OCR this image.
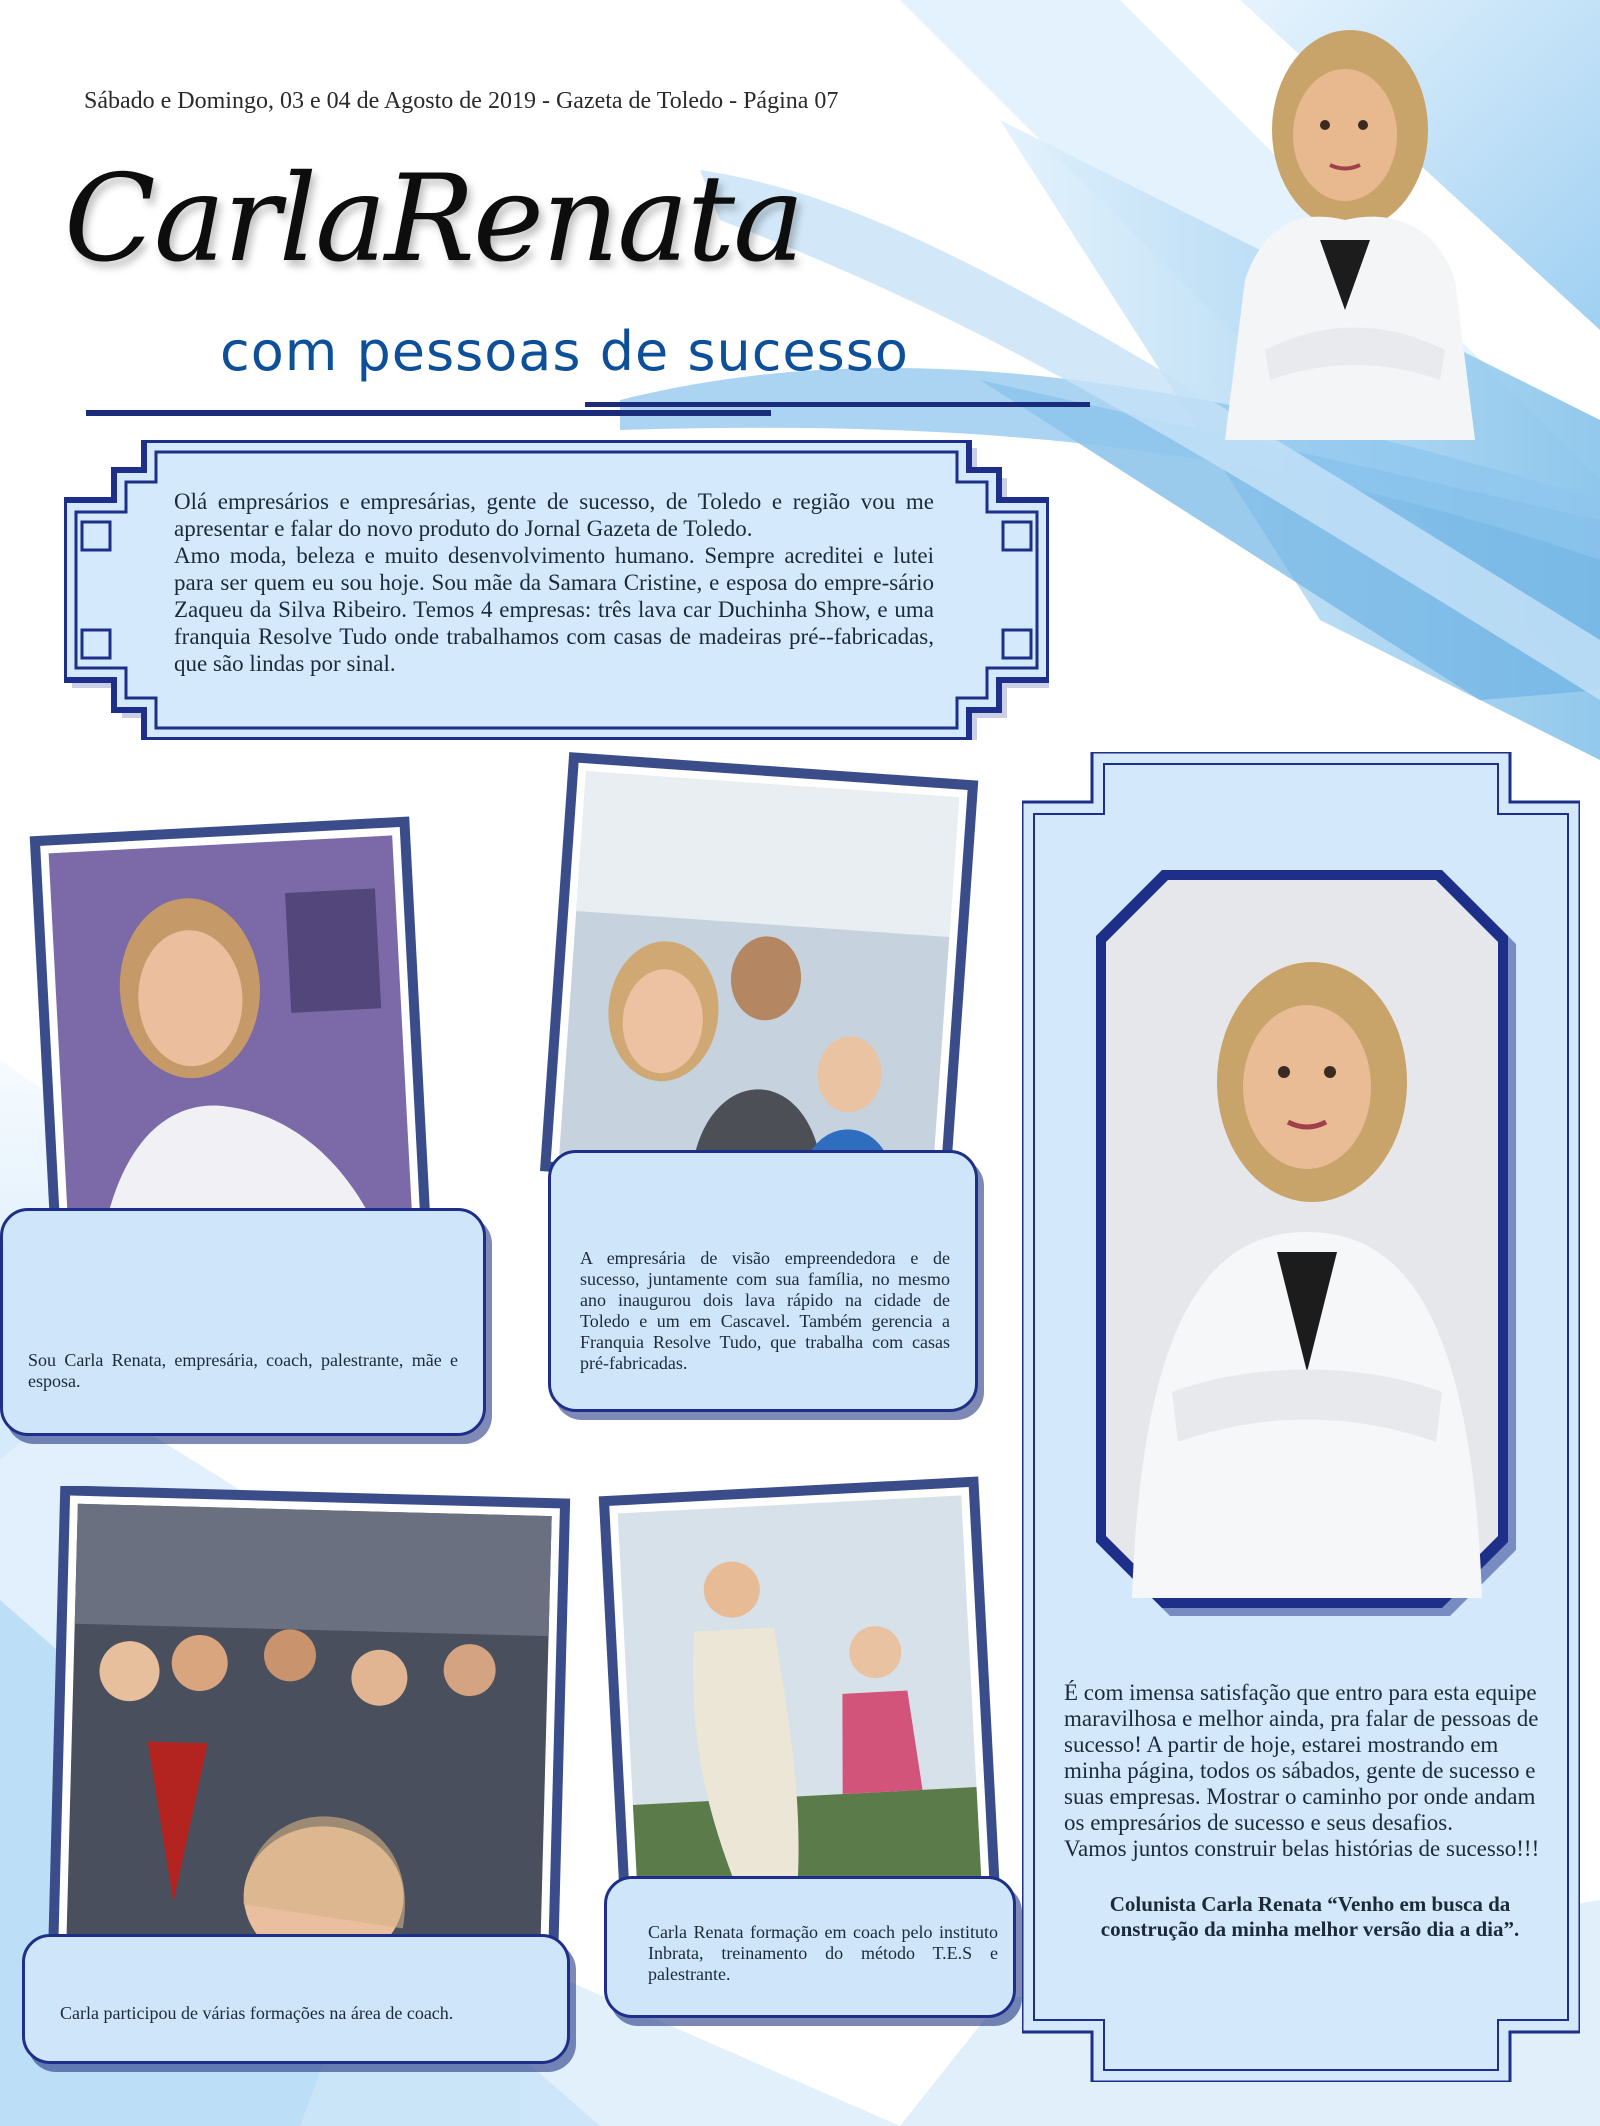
Sábado e Domingo, 03 e 04 de Agosto de 2019 - Gazeta de Toledo - Página 07
CarlaRenata
com pessoas de sucesso

Olá empresários e empresárias, gente de sucesso, de Toledo e região vou me apresentar e falar do novo produto do Jornal Gazeta de Toledo.

Amo moda, beleza e muito desenvolvimento humano. Sempre acreditei e lutei para ser quem eu sou hoje. Sou mãe da Samara Cristine, e esposa do empre-sário Zaqueu da Silva Ribeiro. Temos 4 empresas: três lava car Duchinha Show, e uma franquia Resolve Tudo onde trabalhamos com casas de madeiras pré--fabricadas, que são lindas por sinal.

Sou Carla Renata, empresária, coach, palestrante, mãe e esposa.
A empresária de visão empreendedora e de sucesso, juntamente com sua família, no mesmo ano inaugurou dois lava rápido na cidade de Toledo e um em Cascavel. Também gerencia a Franquia Resolve Tudo, que trabalha com casas pré-fabricadas.
Carla participou de várias formações na área de coach.
Carla Renata formação em coach pelo instituto Inbrata, treinamento do método T.E.S e palestrante.
É com imensa satisfação que entro para esta equipe maravilhosa e melhor ainda, pra falar de pessoas de sucesso! A partir de hoje, estarei mostrando em minha página, todos os sábados, gente de sucesso e suas empresas. Mostrar o caminho por onde andam os empresários de sucesso e seus desafios.
Vamos juntos construir belas histórias de sucesso!!!
Colunista Carla Renata “Venho em busca da construção da minha melhor versão dia a dia”.
